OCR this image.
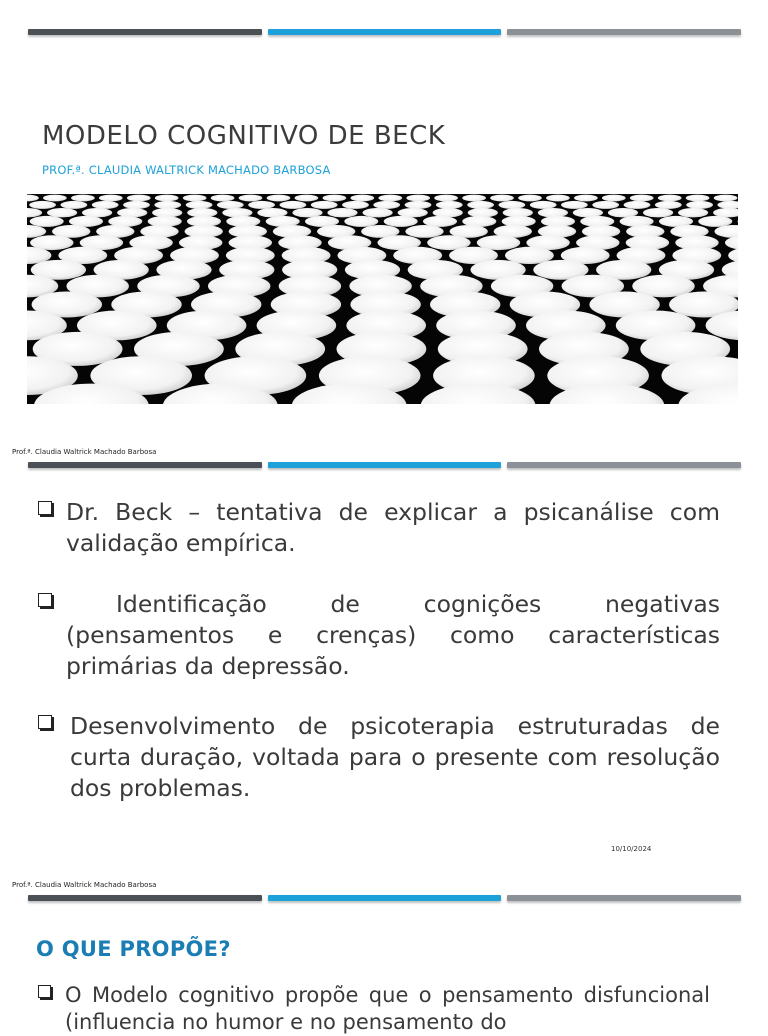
MODELO COGNITIVO DE BECK
PROF.ª. CLAUDIA WALTRICK MACHADO BARBOSA
Prof.ª. Claudia Waltrick Machado Barbosa
Dr. Beck – tentativa de explicar a psicanálise com validação empírica.
Identificação de cognições negativas (pensamentos e crenças) como características primárias da depressão.
Desenvolvimento de psicoterapia estruturadas de curta duração, voltada para o presente com resolução dos problemas.
10/10/2024
Prof.ª. Claudia Waltrick Machado Barbosa
O QUE PROPÕE?
O Modelo cognitivo propõe que o pensamento disfuncional (influencia no humor e no pensamento do
